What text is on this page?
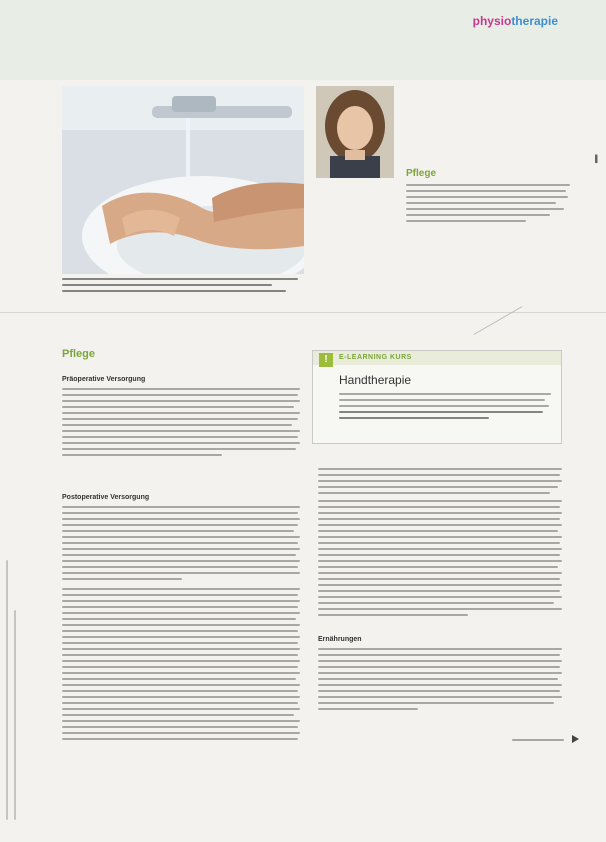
physiotherapie
▌
Pflege
Pflege
Präoperative Versorgung
Postoperative Versorgung
!	E-LEARNING KURS
Handtherapie
Ernährungen
